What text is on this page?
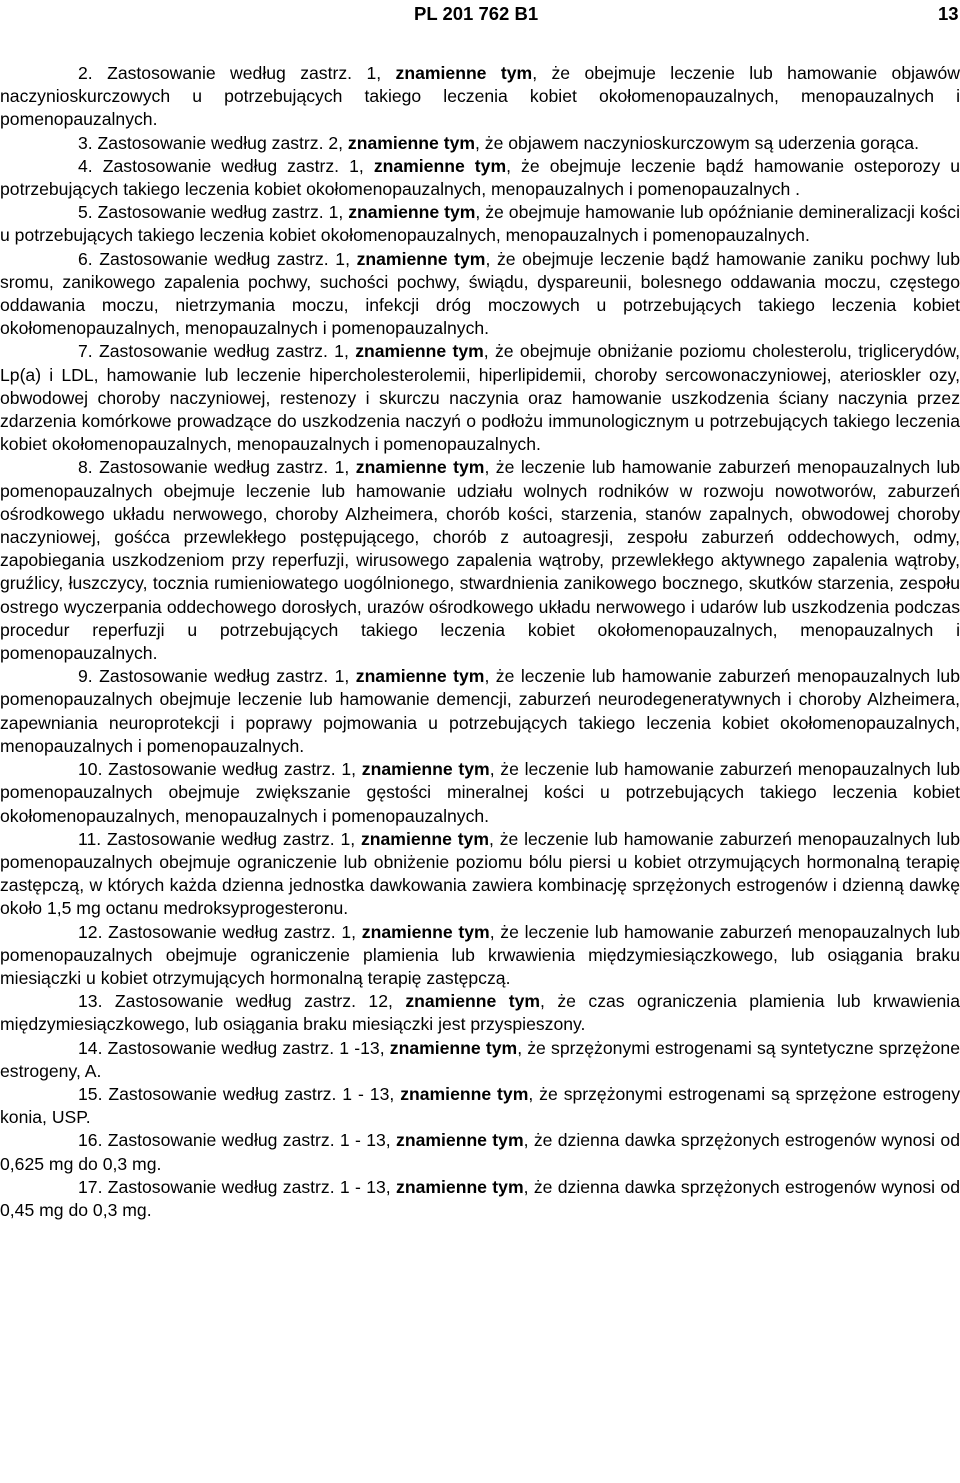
PL 201 762 B1	13

2. Zastosowanie według zastrz. 1, znamienne tym, że obejmuje leczenie lub hamowanie objawów naczynioskurczowych u potrzebujących takiego leczenia kobiet okołomenopauzalnych, menopauzalnych i pomenopauzalnych.

3. Zastosowanie według zastrz. 2, znamienne tym, że objawem naczynioskurczowym są uderzenia gorąca.

4. Zastosowanie według zastrz. 1, znamienne tym, że obejmuje leczenie bądź hamowanie osteporozy u potrzebujących takiego leczenia kobiet okołomenopauzalnych, menopauzalnych i pomenopauzalnych .

5. Zastosowanie według zastrz. 1, znamienne tym, że obejmuje hamowanie lub opóźnianie demineralizacji kości u potrzebujących takiego leczenia kobiet okołomenopauzalnych, menopauzalnych i pomenopauzalnych.

6. Zastosowanie według zastrz. 1, znamienne tym, że obejmuje leczenie bądź hamowanie zaniku pochwy lub sromu, zanikowego zapalenia pochwy, suchości pochwy, świądu, dyspareunii, bolesnego oddawania moczu, częstego oddawania moczu, nietrzymania moczu, infekcji dróg moczowych u potrzebujących takiego leczenia kobiet okołomenopauzalnych, menopauzalnych i pomenopauzalnych.

7. Zastosowanie według zastrz. 1, znamienne tym, że obejmuje obniżanie poziomu cholesterolu, triglicerydów, Lp(a) i LDL, hamowanie lub leczenie hipercholesterolemii, hiperlipidemii, choroby sercowonaczyniowej, aterioskler ozy, obwodowej choroby naczyniowej, restenozy i skurczu naczynia oraz hamowanie uszkodzenia ściany naczynia przez zdarzenia komórkowe prowadzące do uszkodzenia naczyń o podłożu immunologicznym u potrzebujących takiego leczenia kobiet okołomenopauzalnych, menopauzalnych i pomenopauzalnych.

8. Zastosowanie według zastrz. 1, znamienne tym, że leczenie lub hamowanie zaburzeń menopauzalnych lub pomenopauzalnych obejmuje leczenie lub hamowanie udziału wolnych rodników w rozwoju nowotworów, zaburzeń ośrodkowego układu nerwowego, choroby Alzheimera, chorób kości, starzenia, stanów zapalnych, obwodowej choroby naczyniowej, gośćca przewlekłego postępującego, chorób z autoagresji, zespołu zaburzeń oddechowych, odmy, zapobiegania uszkodzeniom przy reperfuzji, wirusowego zapalenia wątroby, przewlekłego aktywnego zapalenia wątroby, gruźlicy, łuszczycy, tocznia rumieniowatego uogólnionego, stwardnienia zanikowego bocznego, skutków starzenia, zespołu ostrego wyczerpania oddechowego dorosłych, urazów ośrodkowego układu nerwowego i udarów lub uszkodzenia podczas procedur reperfuzji u potrzebujących takiego leczenia kobiet okołomenopauzalnych, menopauzalnych i pomenopauzalnych.

9. Zastosowanie według zastrz. 1, znamienne tym, że leczenie lub hamowanie zaburzeń menopauzalnych lub pomenopauzalnych obejmuje leczenie lub hamowanie demencji, zaburzeń neurodegeneratywnych i choroby Alzheimera, zapewniania neuroprotekcji i poprawy pojmowania u potrzebujących takiego leczenia kobiet okołomenopauzalnych, menopauzalnych i pomenopauzalnych.

10. Zastosowanie według zastrz. 1, znamienne tym, że leczenie lub hamowanie zaburzeń menopauzalnych lub pomenopauzalnych obejmuje zwiększanie gęstości mineralnej kości u potrzebujących takiego leczenia kobiet okołomenopauzalnych, menopauzalnych i pomenopauzalnych.

11. Zastosowanie według zastrz. 1, znamienne tym, że leczenie lub hamowanie zaburzeń menopauzalnych lub pomenopauzalnych obejmuje ograniczenie lub obniżenie poziomu bólu piersi u kobiet otrzymujących hormonalną terapię zastępczą, w których każda dzienna jednostka dawkowania zawiera kombinację sprzężonych estrogenów i dzienną dawkę około 1,5 mg octanu medroksyprogesteronu.

12. Zastosowanie według zastrz. 1, znamienne tym, że leczenie lub hamowanie zaburzeń menopauzalnych lub pomenopauzalnych obejmuje ograniczenie plamienia lub krwawienia międzymiesiączkowego, lub osiągania braku miesiączki u kobiet otrzymujących hormonalną terapię zastępczą.

13. Zastosowanie według zastrz. 12, znamienne tym, że czas ograniczenia plamienia lub krwawienia międzymiesiączkowego, lub osiągania braku miesiączki jest przyspieszony.

14. Zastosowanie według zastrz. 1 -13, znamienne tym, że sprzężonymi estrogenami są syntetyczne sprzężone estrogeny, A.

15. Zastosowanie według zastrz. 1 - 13, znamienne tym, że sprzężonymi estrogenami są sprzężone estrogeny konia, USP.

16. Zastosowanie według zastrz. 1 - 13, znamienne tym, że dzienna dawka sprzężonych estrogenów wynosi od 0,625 mg do 0,3 mg.

17. Zastosowanie według zastrz. 1 - 13, znamienne tym, że dzienna dawka sprzężonych estrogenów wynosi od 0,45 mg do 0,3 mg.
